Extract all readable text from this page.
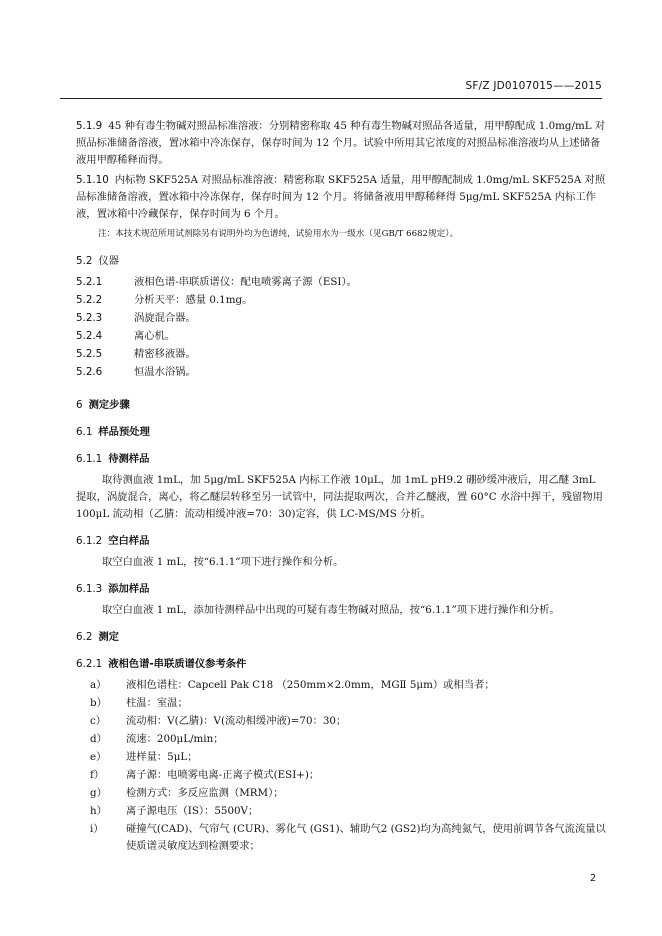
SF/Z JD0107015——2015

5.1.9 45 种有毒生物碱对照品标准溶液：分别精密称取 45 种有毒生物碱对照品各适量，用甲醇配成 1.0mg/mL 对照品标准储备溶液，置冰箱中冷冻保存，保存时间为 12 个月。试验中所用其它浓度的对照品标准溶液均从上述储备液用甲醇稀释而得。

5.1.10 内标物 SKF525A 对照品标准溶液：精密称取 SKF525A 适量，用甲醇配制成 1.0mg/mL SKF525A 对照品标准储备溶液，置冰箱中冷冻保存，保存时间为 12 个月。将储备液用甲醇稀释得 5μg/mL SKF525A 内标工作液，置冰箱中冷藏保存，保存时间为 6 个月。

注：本技术规范所用试剂除另有说明外均为色谱纯，试验用水为一级水（见GB/T 6682规定）。

5.2 仪器
5.2.1	液相色谱-串联质谱仪：配电喷雾离子源（ESI）。
5.2.2	分析天平：感量 0.1mg。
5.2.3	涡旋混合器。
5.2.4	离心机。
5.2.5	精密移液器。
5.2.6	恒温水浴锅。
6 测定步骤
6.1 样品预处理
6.1.1 待测样品

取待测血液 1mL，加 5μg/mL SKF525A 内标工作液 10μL，加 1mL pH9.2 硼砂缓冲液后，用乙醚 3mL 提取，涡旋混合，离心，将乙醚层转移至另一试管中，同法提取两次，合并乙醚液，置 60°C 水浴中挥干，残留物用 100μL 流动相（乙腈：流动相缓冲液=70：30)定容，供 LC-MS/MS 分析。

6.1.2 空白样品

取空白血液 1 mL，按“6.1.1”项下进行操作和分析。

6.1.3 添加样品

取空白血液 1 mL，添加待测样品中出现的可疑有毒生物碱对照品，按“6.1.1”项下进行操作和分析。

6.2 测定
6.2.1 液相色谱-串联质谱仪参考条件
a）	液相色谱柱：Capcell Pak C18 （250mm×2.0mm，MGⅡ 5μm）或相当者；
b）	柱温：室温；
c）	流动相：V(乙腈)：V(流动相缓冲液)=70：30；
d）	流速：200μL/min；
e）	进样量：5μL；
f）	离子源：电喷雾电离-正离子模式(ESI+)；
g）	检测方式：多反应监测（MRM）；
h）	离子源电压（IS）：5500V；
i）	碰撞气(CAD)、气帘气 (CUR)、雾化气 (GS1)、辅助气2 (GS2)均为高纯氮气，使用前调节各气流流量以使质谱灵敏度达到检测要求；
2
